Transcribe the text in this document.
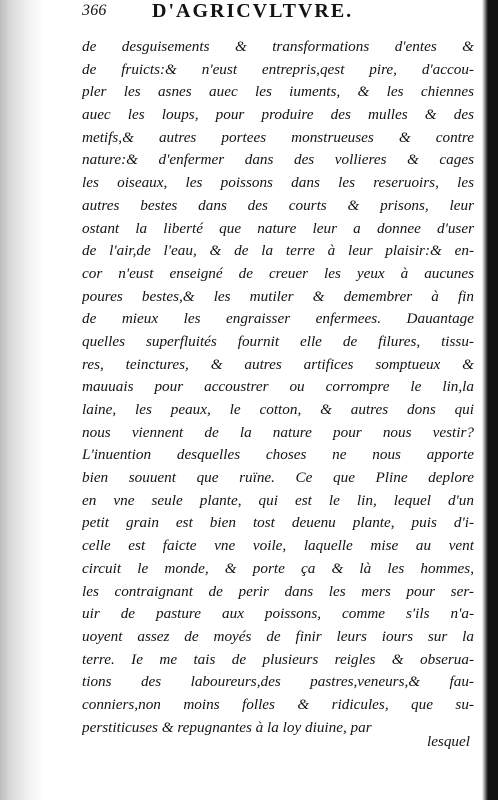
366 D'AGRICVLTVRE.
de desguisements & transformations d'entes &
de fruicts:& n'eust entrepris,qest pire, d'accou-
pler les asnes auec les iuments, & les chiennes
auec les loups, pour produire des mulles & des
metifs,& autres portees monstrueuses & contre
nature:& d'enfermer dans des vollieres & cages
les oiseaux, les poissons dans les reseruoirs, les
autres bestes dans des courts & prisons, leur
ostant la liberté que nature leur a donnee d'user
de l'air,de l'eau, & de la terre à leur plaisir:& en-
cor n'eust enseigné de creuer les yeux à aucunes
poures bestes,& les mutiler & demembrer à fin
de mieux les engraisser enfermees. Dauantage
quelles superfluités fournit elle de filures, tissu-
res, teinctures, & autres artifices somptueux &
mauuais pour accoustrer ou corrompre le lin,la
laine, les peaux, le cotton, & autres dons qui
nous viennent de la nature pour nous vestir?
L'inuention desquelles choses ne nous apporte
bien souuent que ruïne. Ce que Pline deplore
en vne seule plante, qui est le lin, lequel d'un
petit grain est bien tost deuenu plante, puis d'i-
celle est faicte vne voile, laquelle mise au vent
circuit le monde, & porte ça & là les hommes,
les contraignant de perir dans les mers pour ser-
uir de pasture aux poissons, comme s'ils n'a-
uoyent assez de moyés de finir leurs iours sur la
terre. Ie me tais de plusieurs reigles & obserua-
tions des laboureurs,des pastres,veneurs,& fau-
conniers,non moins folles & ridicules, que su-
perstiticuses & repugnantes à la loy diuine, par
lesquel
